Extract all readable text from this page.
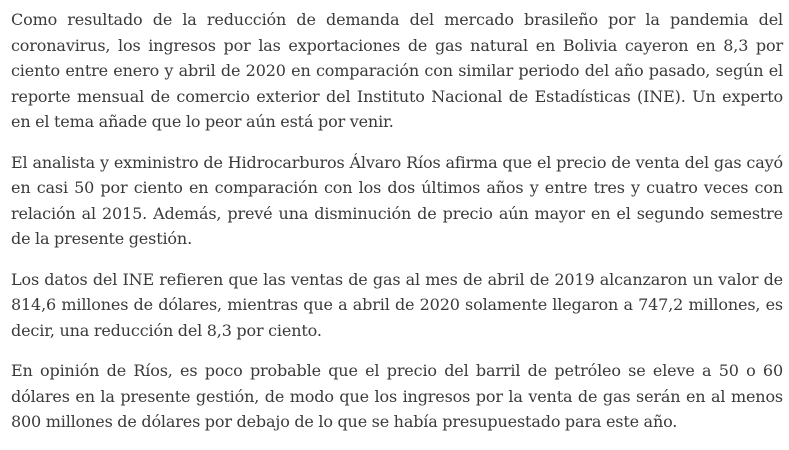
Como resultado de la reducción de demanda del mercado brasileño por la pandemia del coronavirus, los ingresos por las exportaciones de gas natural en Bolivia cayeron en 8,3 por ciento entre enero y abril de 2020 en comparación con similar periodo del año pasado, según el reporte mensual de comercio exterior del Instituto Nacional de Estadísticas (INE). Un experto en el tema añade que lo peor aún está por venir.

El analista y exministro de Hidrocarburos Álvaro Ríos afirma que el precio de venta del gas cayó en casi 50 por ciento en comparación con los dos últimos años y entre tres y cuatro veces con relación al 2015. Además, prevé una disminución de precio aún mayor en el segundo semestre de la presente gestión.

Los datos del INE refieren que las ventas de gas al mes de abril de 2019 alcanzaron un valor de 814,6 millones de dólares, mientras que a abril de 2020 solamente llegaron a 747,2 millones, es decir, una reducción del 8,3 por ciento.

En opinión de Ríos, es poco probable que el precio del barril de petróleo se eleve a 50 o 60 dólares en la presente gestión, de modo que los ingresos por la venta de gas serán en al menos 800 millones de dólares por debajo de lo que se había presupuestado para este año.
